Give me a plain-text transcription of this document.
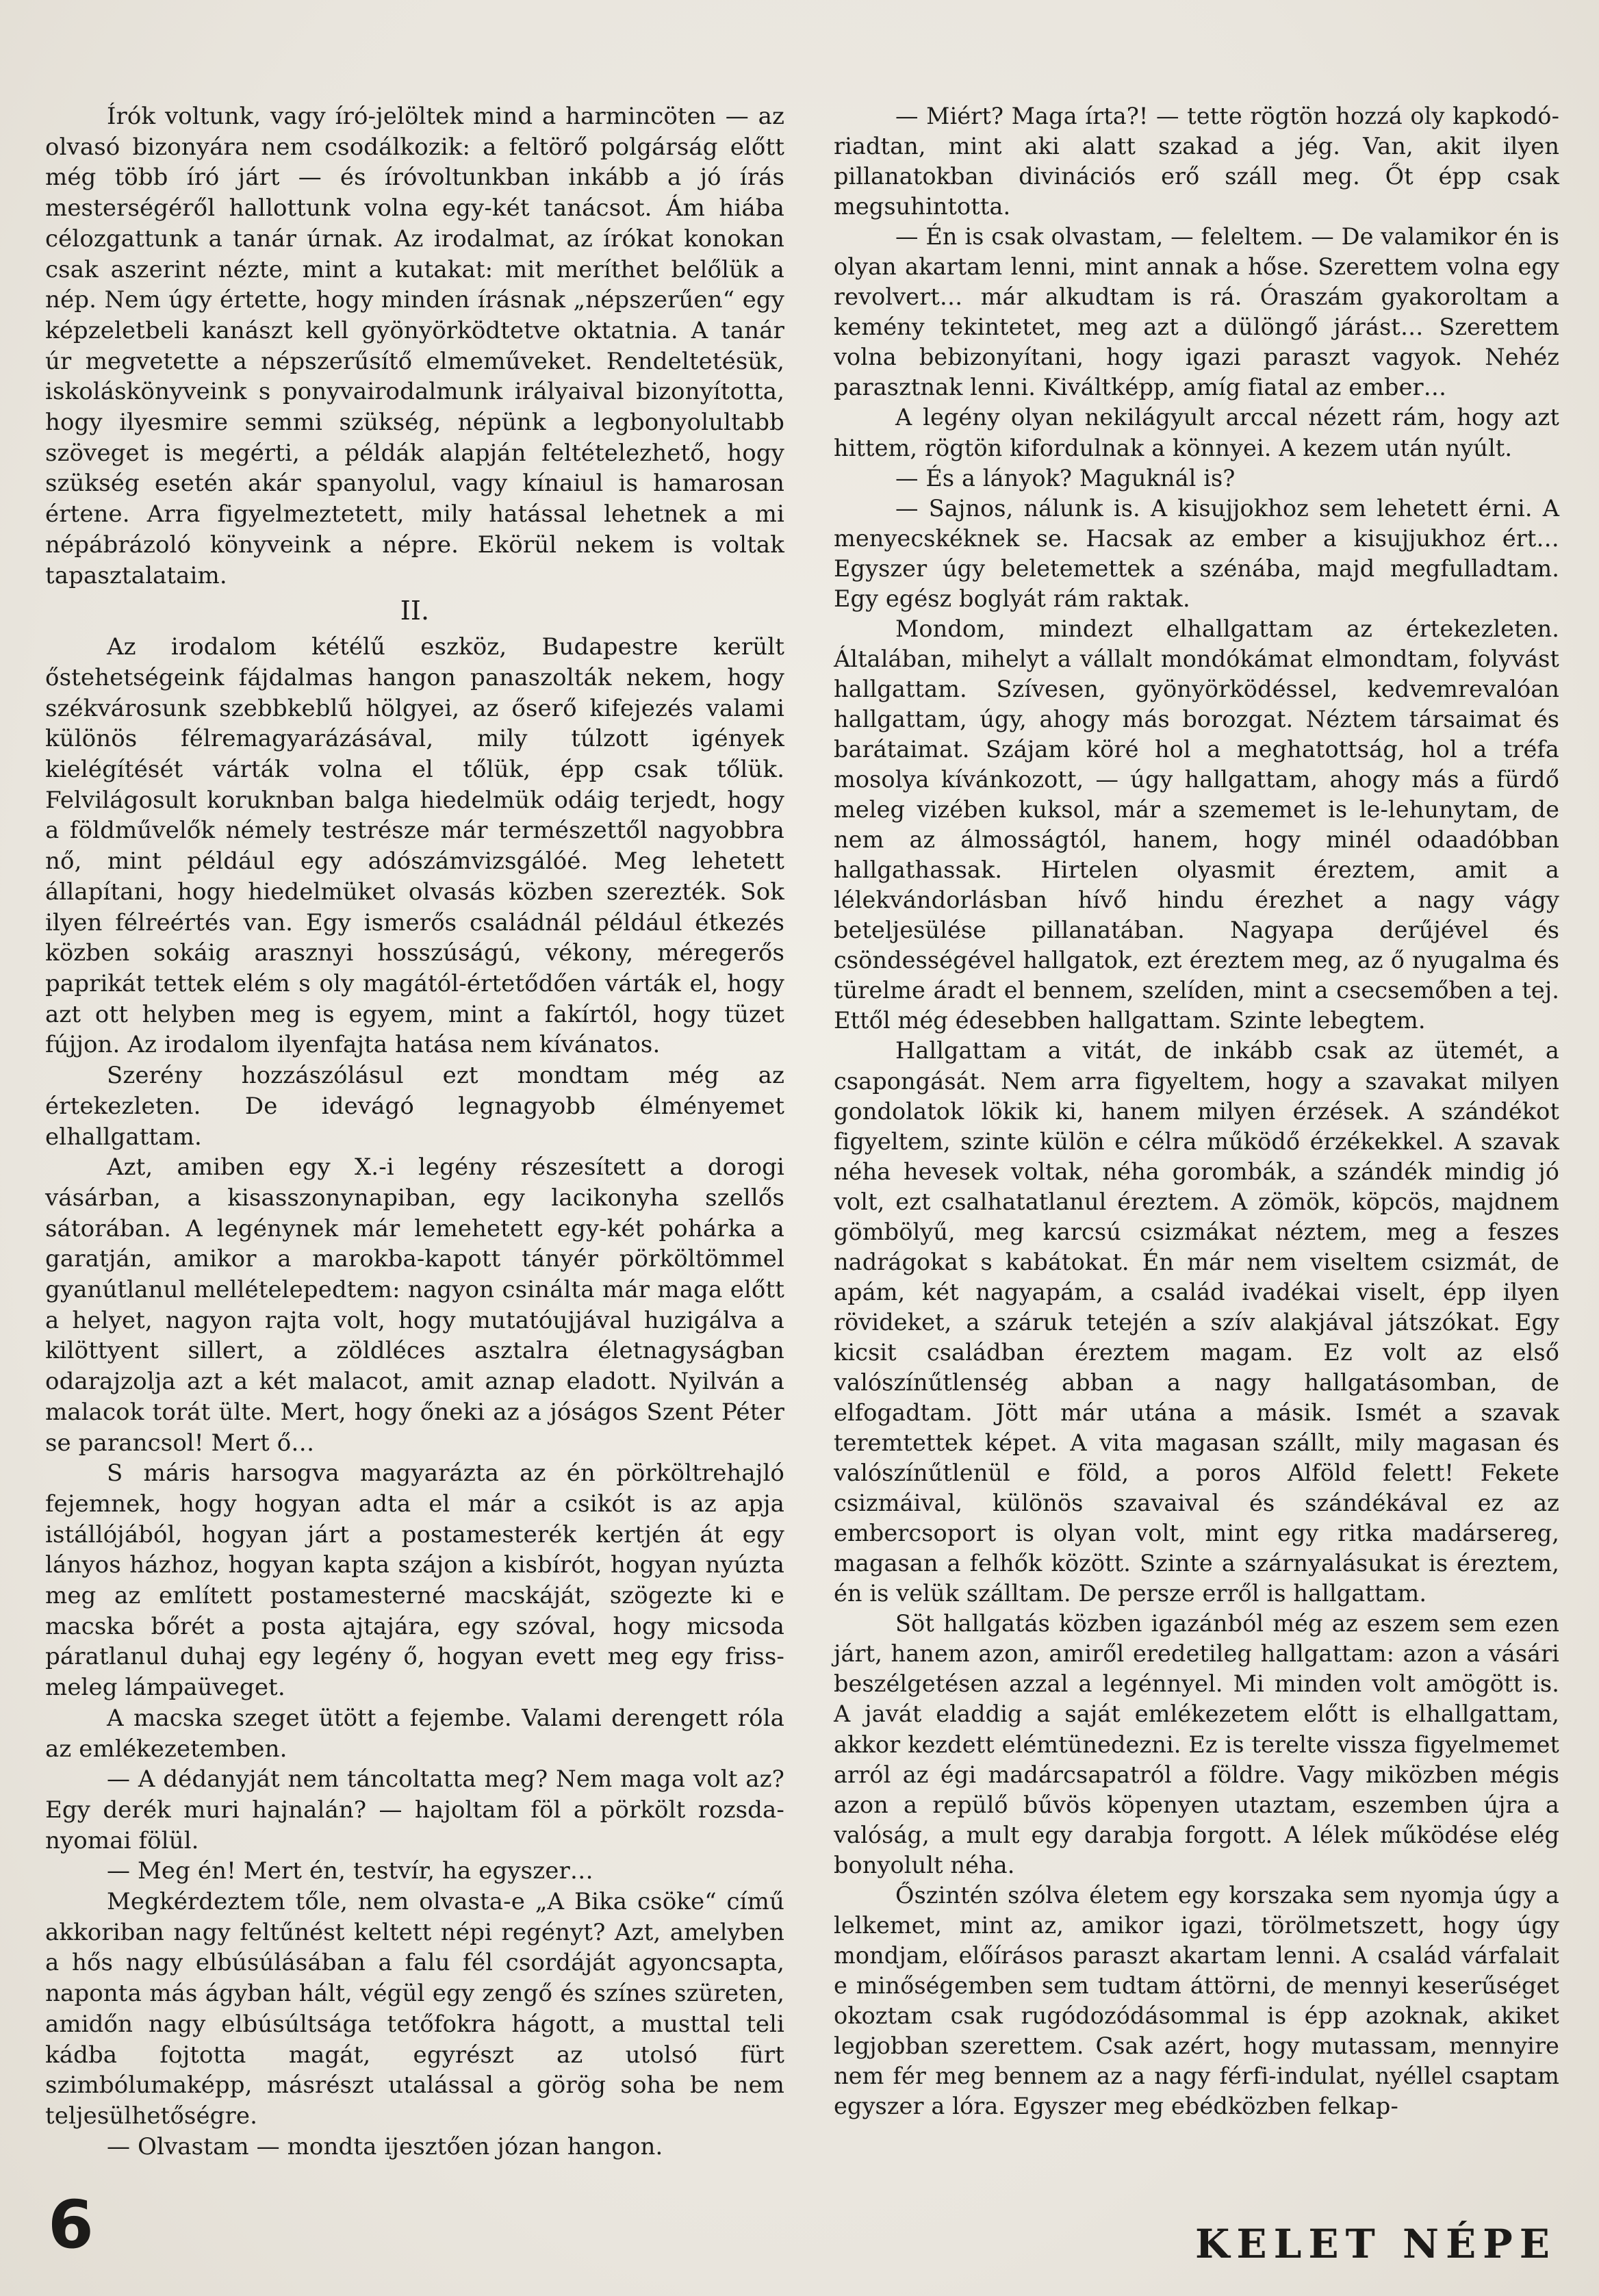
Írók voltunk, vagy író-jelöltek mind a harmincöten — az olvasó bizonyára nem csodálkozik: a feltörő polgárság előtt még több író járt — és íróvoltunkban inkább a jó írás mesterségéről hallottunk volna egy-két tanácsot. Ám hiába célozgattunk a tanár úrnak. Az irodalmat, az írókat konokan csak aszerint nézte, mint a kutakat: mit meríthet belőlük a nép. Nem úgy értette, hogy minden írásnak „népszerűen“ egy képzeletbeli kanászt kell gyönyörködtetve oktatnia. A tanár úr megvetette a népszerűsítő elmeműveket. Rendeltetésük, iskoláskönyveink s ponyvairodalmunk irályaival bizonyította, hogy ilyesmire semmi szükség, népünk a legbonyolultabb szöveget is megérti, a példák alapján feltételezhető, hogy szükség esetén akár spanyolul, vagy kínaiul is hamarosan értene. Arra figyelmeztetett, mily hatással lehetnek a mi népábrázoló könyveink a népre. Ekörül nekem is voltak tapasztalataim.

II.

Az irodalom kétélű eszköz, Budapestre került őstehetségeink fájdalmas hangon panaszolták nekem, hogy székvárosunk szebbkeblű hölgyei, az őserő kifejezés valami különös félremagyarázásával, mily túlzott igények kielégítését várták volna el tőlük, épp csak tőlük. Felvilágosult koruknban balga hiedelmük odáig terjedt, hogy a földművelők némely testrésze már természettől nagyobbra nő, mint például egy adószámvizsgálóé. Meg lehetett állapítani, hogy hiedelmüket olvasás közben szerezték. Sok ilyen félreértés van. Egy ismerős családnál például étkezés közben sokáig arasznyi hosszúságú, vékony, méregerős paprikát tettek elém s oly magától-értetődően várták el, hogy azt ott helyben meg is egyem, mint a fakírtól, hogy tüzet fújjon. Az irodalom ilyenfajta hatása nem kívánatos.

Szerény hozzászólásul ezt mondtam még az értekezleten. De idevágó legnagyobb élményemet elhallgattam.

Azt, amiben egy X.-i legény részesített a dorogi vásárban, a kisasszonynapiban, egy lacikonyha szellős sátorában. A legénynek már lemehetett egy-két pohárka a garatján, amikor a marokba-kapott tányér pörköltömmel gyanútlanul mellételepedtem: nagyon csinálta már maga előtt a helyet, nagyon rajta volt, hogy mutatóujjával huzigálva a kilöttyent sillert, a zöldléces asztalra életnagyságban odarajzolja azt a két malacot, amit aznap eladott. Nyilván a malacok torát ülte. Mert, hogy őneki az a jóságos Szent Péter se parancsol! Mert ő…

S máris harsogva magyarázta az én pörköltrehajló fejemnek, hogy hogyan adta el már a csikót is az apja istállójából, hogyan járt a postamesterék kertjén át egy lányos házhoz, hogyan kapta szájon a kisbírót, hogyan nyúzta meg az említett postamesterné macskáját, szögezte ki e macska bőrét a posta ajtajára, egy szóval, hogy micsoda páratlanul duhaj egy legény ő, hogyan evett meg egy friss-meleg lámpaüveget.

A macska szeget ütött a fejembe. Valami derengett róla az emlékezetemben.

— A dédanyját nem táncoltatta meg? Nem maga volt az? Egy derék muri hajnalán? — hajoltam föl a pörkölt rozsda-nyomai fölül.

— Meg én! Mert én, testvír, ha egyszer…

Megkérdeztem tőle, nem olvasta-e „A Bika csöke“ című akkoriban nagy feltűnést keltett népi regényt? Azt, amelyben a hős nagy elbúsúlásában a falu fél csordáját agyoncsapta, naponta más ágyban hált, végül egy zengő és színes szüreten, amidőn nagy elbúsúltsága tetőfokra hágott, a musttal teli kádba fojtotta magát, egyrészt az utolsó fürt szimbólumaképp, másrészt utalással a görög soha be nem teljesülhetőségre.

— Olvastam — mondta ijesztően józan hangon.

— Miért? Maga írta?! — tette rögtön hozzá oly kapkodó-riadtan, mint aki alatt szakad a jég. Van, akit ilyen pillanatokban divinációs erő száll meg. Őt épp csak megsuhintotta.

— Én is csak olvastam, — feleltem. — De valamikor én is olyan akartam lenni, mint annak a hőse. Szerettem volna egy revolvert… már alkudtam is rá. Óraszám gyakoroltam a kemény tekintetet, meg azt a dülöngő járást… Szerettem volna bebizonyítani, hogy igazi paraszt vagyok. Nehéz parasztnak lenni. Kiváltképp, amíg fiatal az ember…

A legény olyan nekilágyult arccal nézett rám, hogy azt hittem, rögtön kifordulnak a könnyei. A kezem után nyúlt.

— És a lányok? Maguknál is?

— Sajnos, nálunk is. A kisujjokhoz sem lehetett érni. A menyecskéknek se. Hacsak az ember a kisujjukhoz ért… Egyszer úgy beletemettek a szénába, majd megfulladtam. Egy egész boglyát rám raktak.

Mondom, mindezt elhallgattam az értekezleten. Általában, mihelyt a vállalt mondókámat elmondtam, folyvást hallgattam. Szívesen, gyönyörködéssel, kedvemrevalóan hallgattam, úgy, ahogy más borozgat. Néztem társaimat és barátaimat. Szájam köré hol a meghatottság, hol a tréfa mosolya kívánkozott, — úgy hallgattam, ahogy más a fürdő meleg vizében kuksol, már a szememet is le-lehunytam, de nem az álmosságtól, hanem, hogy minél odaadóbban hallgathassak. Hirtelen olyasmit éreztem, amit a lélekvándorlásban hívő hindu érezhet a nagy vágy beteljesülése pillanatában. Nagyapa derűjével és csöndességével hallgatok, ezt éreztem meg, az ő nyugalma és türelme áradt el bennem, szelíden, mint a csecsemőben a tej. Ettől még édesebben hallgattam. Szinte lebegtem.

Hallgattam a vitát, de inkább csak az ütemét, a csapongását. Nem arra figyeltem, hogy a szavakat milyen gondolatok lökik ki, hanem milyen érzések. A szándékot figyeltem, szinte külön e célra működő érzékekkel. A szavak néha hevesek voltak, néha gorombák, a szándék mindig jó volt, ezt csalhatatlanul éreztem. A zömök, köpcös, majdnem gömbölyű, meg karcsú csizmákat néztem, meg a feszes nadrágokat s kabátokat. Én már nem viseltem csizmát, de apám, két nagyapám, a család ivadékai viselt, épp ilyen rövideket, a száruk tetején a szív alakjával játszókat. Egy kicsit családban éreztem magam. Ez volt az első valószínűtlenség abban a nagy hallgatásomban, de elfogadtam. Jött már utána a másik. Ismét a szavak teremtettek képet. A vita magasan szállt, mily magasan és valószínűtlenül e föld, a poros Alföld felett! Fekete csizmáival, különös szavaival és szándékával ez az embercsoport is olyan volt, mint egy ritka madársereg, magasan a felhők között. Szinte a szárnyalásukat is éreztem, én is velük szálltam. De persze erről is hallgattam.

Söt hallgatás közben igazánból még az eszem sem ezen járt, hanem azon, amiről eredetileg hallgattam: azon a vásári beszélgetésen azzal a legénnyel. Mi minden volt amögött is. A javát eladdig a saját emlékezetem előtt is elhallgattam, akkor kezdett elémtünedezni. Ez is terelte vissza figyelmemet arról az égi madárcsapatról a földre. Vagy miközben mégis azon a repülő bűvös köpenyen utaztam, eszemben újra a valóság, a mult egy darabja forgott. A lélek működése elég bonyolult néha.

Őszintén szólva életem egy korszaka sem nyomja úgy a lelkemet, mint az, amikor igazi, törölmetszett, hogy úgy mondjam, előírásos paraszt akartam lenni. A család várfalait e minőségemben sem tudtam áttörni, de mennyi keserűséget okoztam csak rugódozódásommal is épp azoknak, akiket legjobban szerettem. Csak azért, hogy mutassam, mennyire nem fér meg bennem az a nagy férfi-indulat, nyéllel csaptam egyszer a lóra. Egyszer meg ebédközben felkap-

6	KELET NÉPE
